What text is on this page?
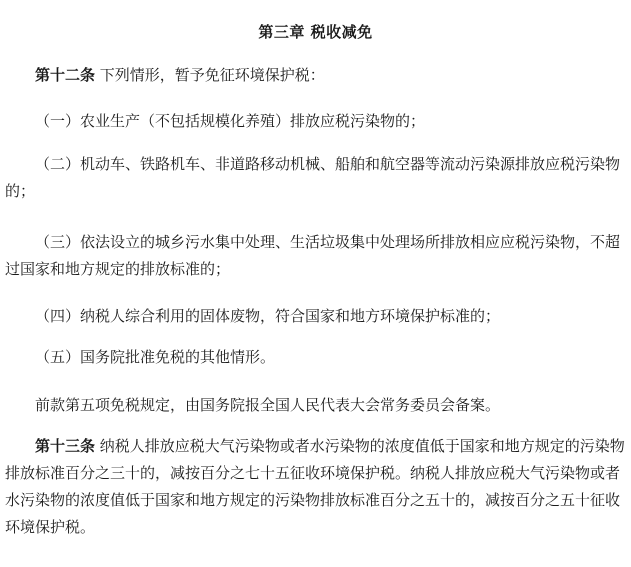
第三章 税收减免

第十二条 下列情形，暂予免征环境保护税：

（一）农业生产（不包括规模化养殖）排放应税污染物的；

（二）机动车、铁路机车、非道路移动机械、船舶和航空器等流动污染源排放应税污染物的；

（三）依法设立的城乡污水集中处理、生活垃圾集中处理场所排放相应应税污染物，不超过国家和地方规定的排放标准的；

（四）纳税人综合利用的固体废物，符合国家和地方环境保护标准的；

（五）国务院批准免税的其他情形。

前款第五项免税规定，由国务院报全国人民代表大会常务委员会备案。

第十三条 纳税人排放应税大气污染物或者水污染物的浓度值低于国家和地方规定的污染物排放标准百分之三十的，减按百分之七十五征收环境保护税。纳税人排放应税大气污染物或者水污染物的浓度值低于国家和地方规定的污染物排放标准百分之五十的，减按百分之五十征收环境保护税。
